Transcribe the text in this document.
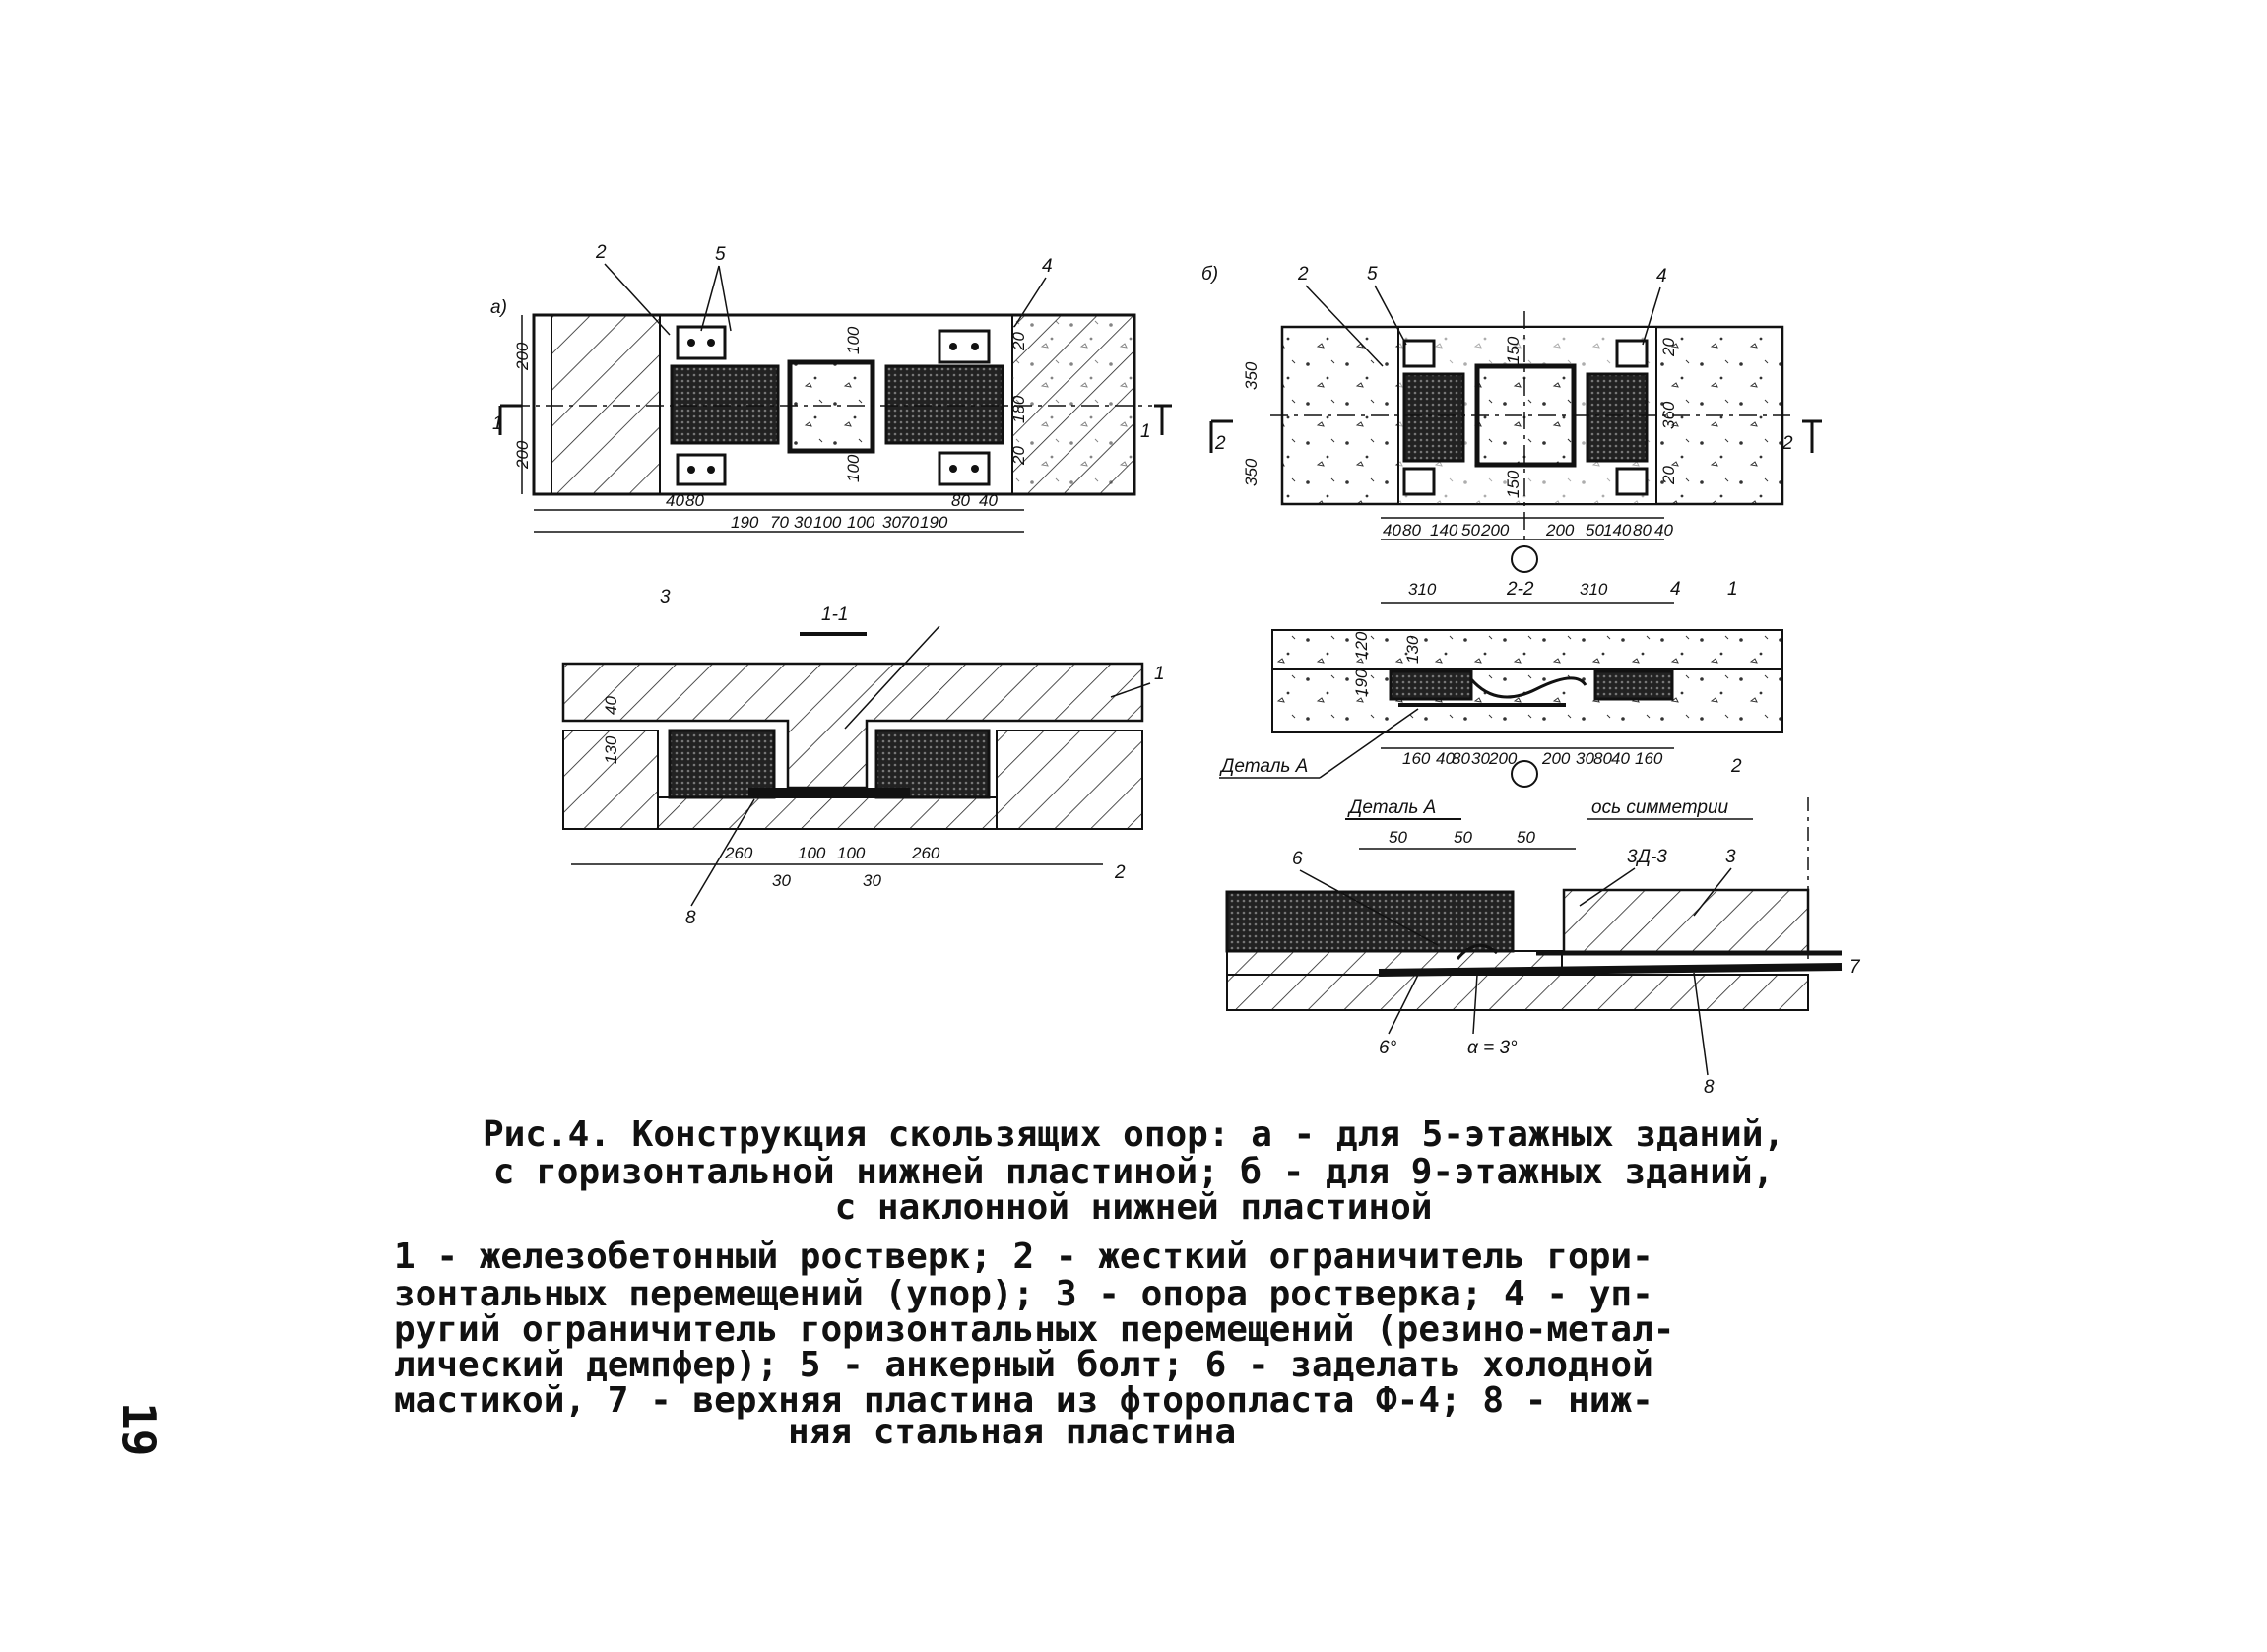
а)
1	1
2	5
4
200
200
100
100
20
180
20
40 80
190 70 30 100 100 30 70 190
80 40
б)
2	2
2	5	4
350
350
150
150
20
360
20
40 80 140 50 200 200 50 140 80 40
1-1
3
1
2
8
130
40
260	100 100	260
30	30
2-2
310	310	4 1
2
190
120 130
160 40
80 30 200 200 30 80 40 160
Деталь А
Деталь А	ось симметрии
50	50	50
6	3Д-3	3
7
8
6°	α = 3°
Рис.4. Конструкция скользящих опор: а - для 5-этажных зданий,
с горизонтальной нижней пластиной; б - для 9-этажных зданий,
с наклонной нижней пластиной
1 - железобетонный ростверк; 2 - жесткий ограничитель гори-
зонтальных перемещений (упор); 3 - опора ростверка; 4 - уп-
ругий ограничитель горизонтальных перемещений (резино-метал-
лический демпфер); 5 - анкерный болт; 6 - заделать холодной
мастикой, 7 - верхняя пластина из фторопласта Ф-4; 8 - ниж-
няя стальная пластина
19
